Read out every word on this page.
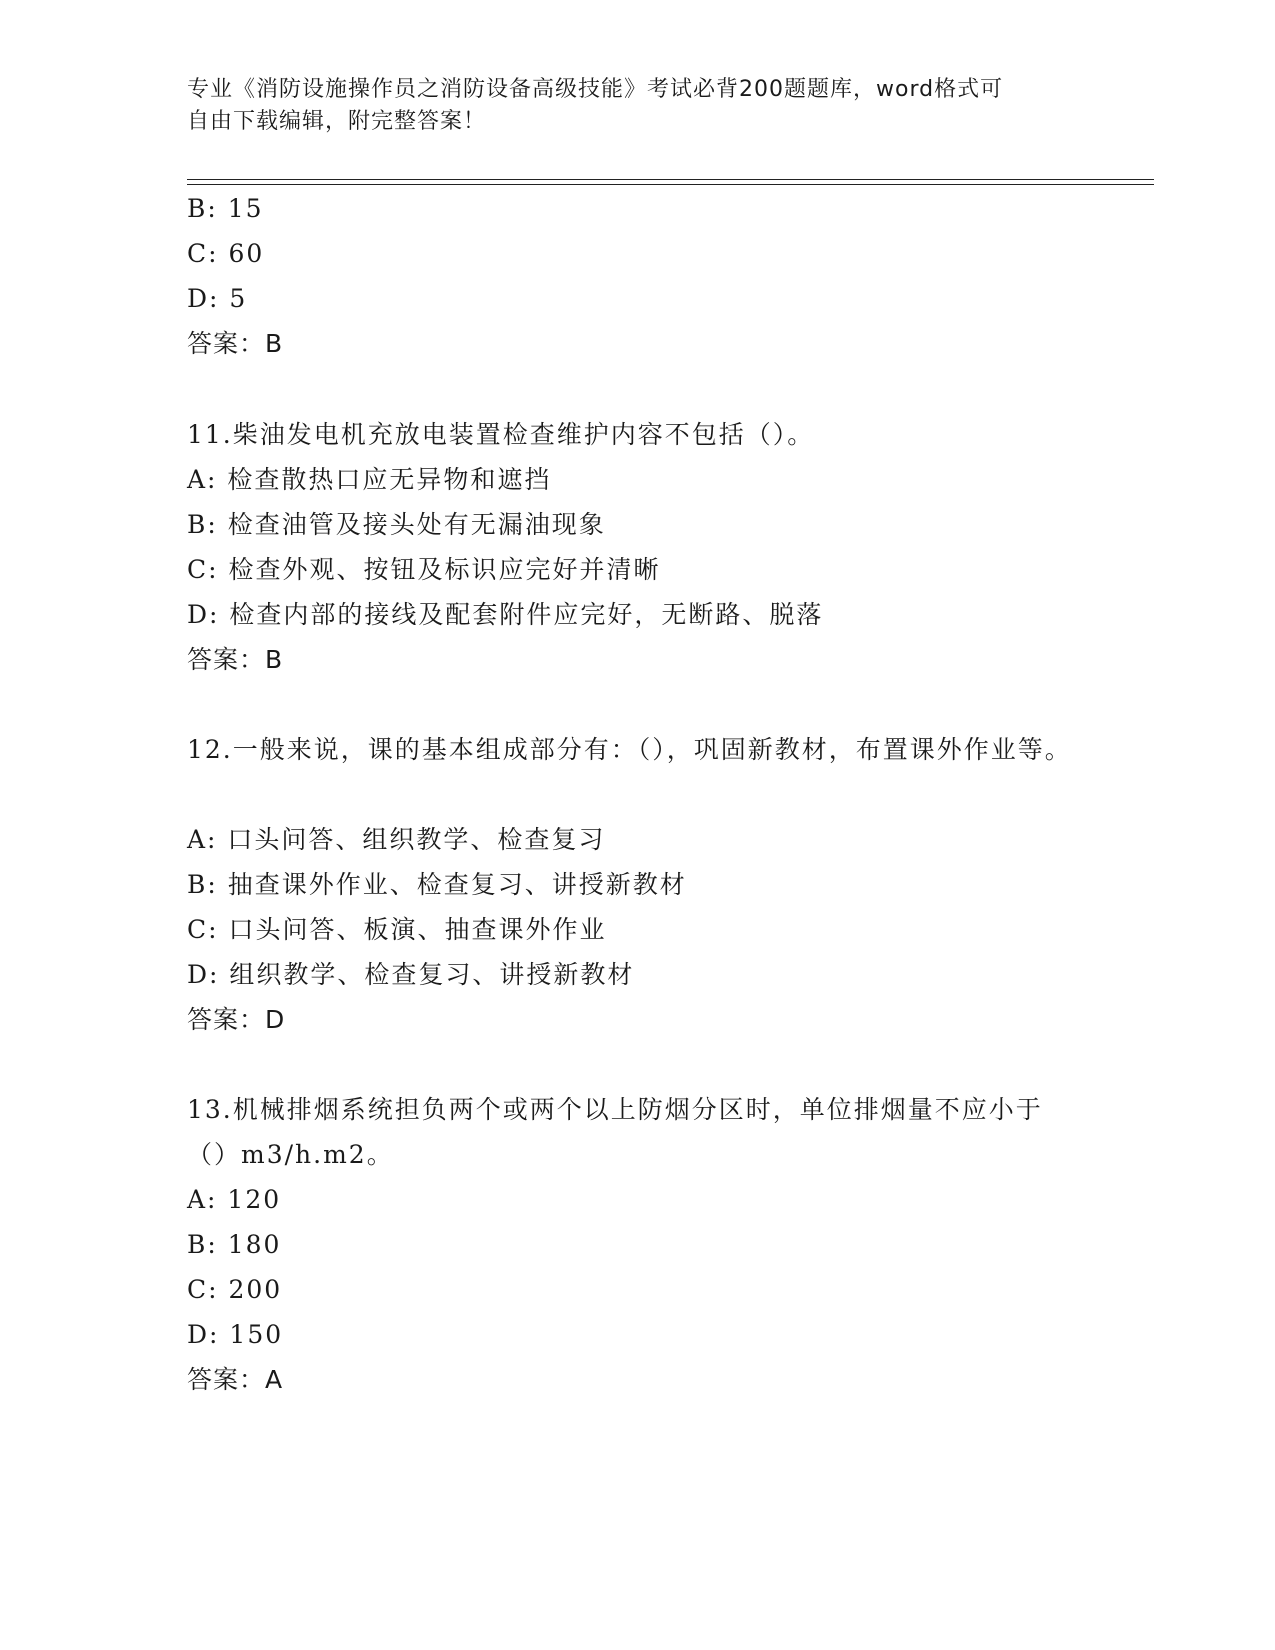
专业《消防设施操作员之消防设备高级技能》考试必背200题题库，word格式可
自由下载编辑，附完整答案！
B: 15
C: 60
D: 5
答案：B
11.柴油发电机充放电装置检查维护内容不包括（）。
A: 检查散热口应无异物和遮挡
B: 检查油管及接头处有无漏油现象
C: 检查外观、按钮及标识应完好并清晰
D: 检查内部的接线及配套附件应完好，无断路、脱落
答案：B
12.一般来说，课的基本组成部分有：（），巩固新教材，布置课外作业等。
A: 口头问答、组织教学、检查复习
B: 抽查课外作业、检查复习、讲授新教材
C: 口头问答、板演、抽查课外作业
D: 组织教学、检查复习、讲授新教材
答案：D
13.机械排烟系统担负两个或两个以上防烟分区时，单位排烟量不应小于（）m3/h.m2。
A: 120
B: 180
C: 200
D: 150
答案：A
